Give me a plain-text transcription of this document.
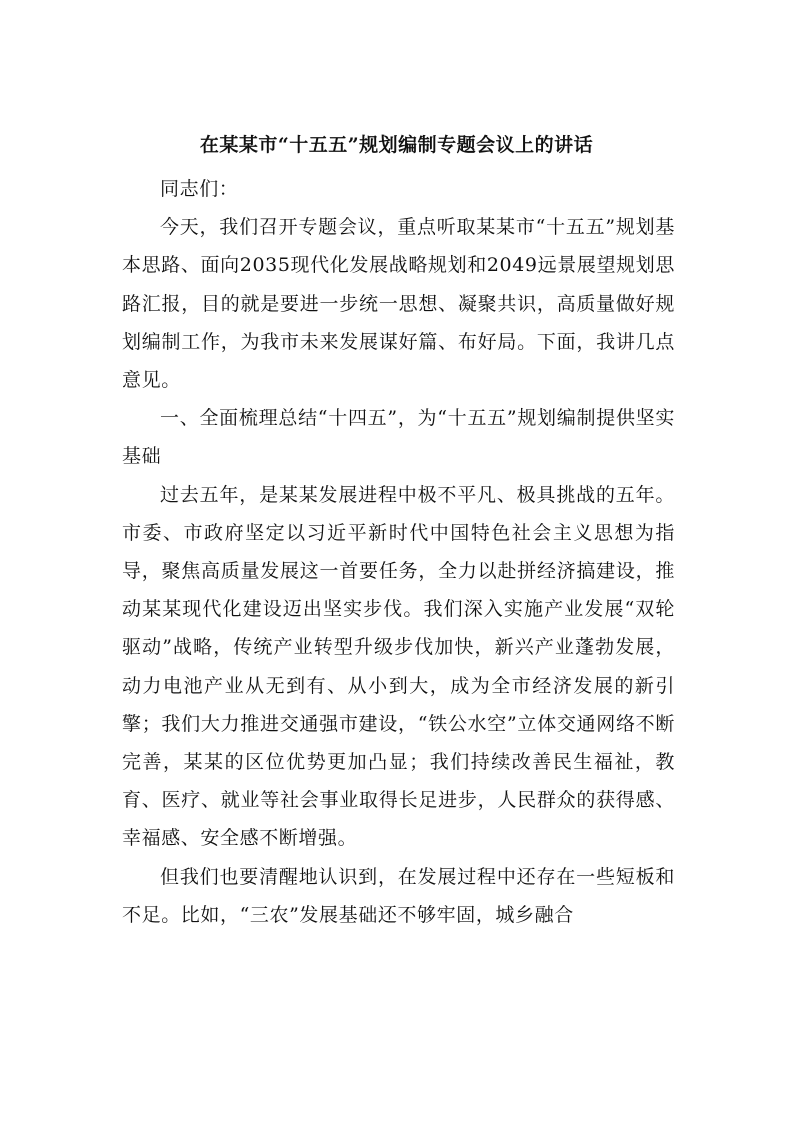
在某某市“十五五”规划编制专题会议上的讲话

同志们：

今天，我们召开专题会议，重点听取某某市“十五五”规划基本思路、面向2035现代化发展战略规划和2049远景展望规划思路汇报，目的就是要进一步统一思想、凝聚共识，高质量做好规划编制工作，为我市未来发展谋好篇、布好局。下面，我讲几点意见。

一、全面梳理总结“十四五”，为“十五五”规划编制提供坚实基础

过去五年，是某某发展进程中极不平凡、极具挑战的五年。市委、市政府坚定以习近平新时代中国特色社会主义思想为指导，聚焦高质量发展这一首要任务，全力以赴拼经济搞建设，推动某某现代化建设迈出坚实步伐。我们深入实施产业发展“双轮驱动”战略，传统产业转型升级步伐加快，新兴产业蓬勃发展，动力电池产业从无到有、从小到大，成为全市经济发展的新引擎；我们大力推进交通强市建设，“铁公水空”立体交通网络不断完善，某某的区位优势更加凸显；我们持续改善民生福祉，教育、医疗、就业等社会事业取得长足进步，人民群众的获得感、幸福感、安全感不断增强。

但我们也要清醒地认识到，在发展过程中还存在一些短板和不足。比如，“三农”发展基础还不够牢固，城乡融合
